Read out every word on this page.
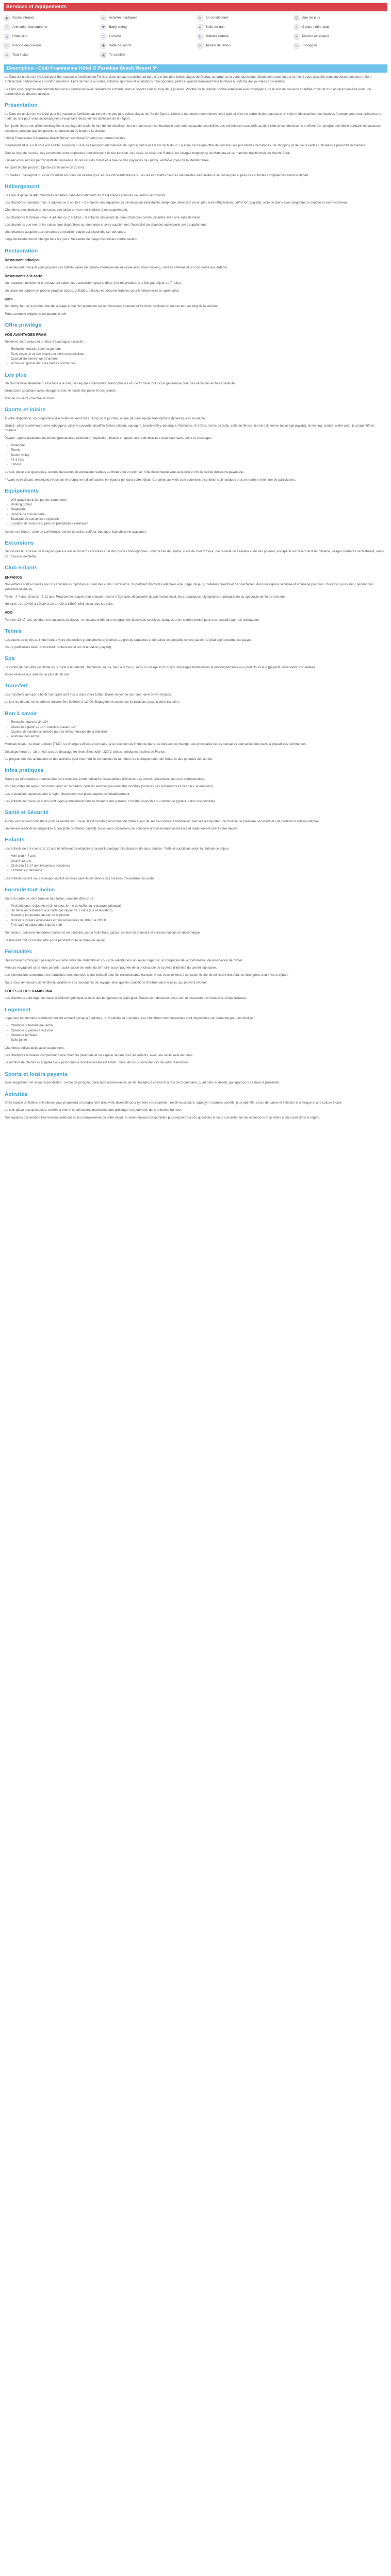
Services et équipements
◉	Accès internet	≈	Activités nautiques	❄	Air conditionné	☺	Aire de jeux
♪	Animation francophone	♥	Baby-sitting	★	Boite de nuit	☼	Centre / mini-club
⌂	Hôtel club	♫	Lit bébé	♿	Mobilité réduite	≋	Piscine extérieure
○	Piscine découverte	✚	Salle de sports	◎	Terrain de tennis	∿	Toboggan
∞	Tout inclus	▣	Tv satellite
Description - Club Framissima Hôtel O Paradise Beach Resort 5*

Le Club est un lieu de vie idéal pour des vacances familiales en Tunisie, dans un cadre paisible au bord d'une des plus belles plages de Djerba, au cœur de la zone touristique. Idéalement situé face à la mer, il vous accueille dans un décor lumineux mêlant architecture traditionnelle et confort moderne. Entre farniente au soleil, activités sportives et animations francophones, petits et grands trouveront leur bonheur au rythme des journées ensoleillées.

Le Club vous propose une formule tout inclus généreuse avec restaurants à thème, bars et snacks tout au long de la journée. Profitez de la grande piscine extérieure avec toboggans, de la piscine couverte chauffée l'hiver et d'un espace bien-être pour une parenthèse de détente absolue.

Présentation

Le Club est un lieu de vie idéal pour les vacances familiales au bord d'une des plus belles plages de l'île de Djerba. L'hôtel a été entièrement rénové avec goût et offre un cadre chaleureux dans un style méditerranéen. Les équipes francophones sont présentes du matin au soir pour vous accompagner et vous faire découvrir les richesses de la région.

Son jardin fleuri, ses allées ombragées et sa plage de sable fin font de cet établissement une adresse incontournable pour une escapade ensoleillée. Les enfants sont accueillis au mini-club et les adolescents profitent d'un programme dédié pendant les vacances scolaires, pendant que les parents se détendent au bord de la piscine.

L'hôtel Framissima O Paradise Beach Resort est classé 5* selon les normes locales.

Idéalement situé sur la côte est de l'île, à environ 25 km de l'aéroport international de Djerba-Zarzis et à 8 km de Midoun. La zone touristique offre de nombreuses possibilités de balades, de shopping et de découvertes culturelles à proximité immédiate.

Tout au long de l'année, des excursions sont proposées pour découvrir le sud tunisien, ses oasis, le désert du Sahara, les villages troglodytes de Matmata et les marchés traditionnels de Houmt Souk.

Laissez-vous séduire par l'hospitalité tunisienne, la douceur du climat et la beauté des paysages de Djerba, véritable joyau de la Méditerranée.

Aéroport le plus proche : Djerba-Zarzis (environ 25 km).

Formalités : passeport ou carte d'identité en cours de validité pour les ressortissants français. Les ressortissants d'autres nationalités sont invités à se renseigner auprès des autorités compétentes avant le départ.

Hébergement

Le Club dispose de 441 chambres réparties dans des bâtiments de 2 à 4 étages entourés de jardins verdoyants.

Les chambres standard (max. 3 adultes ou 2 adultes + 2 enfants) sont équipées de climatisation individuelle, téléphone, télévision écran plat, mini-réfrigérateur, coffre-fort (payant), salle de bains avec baignoire ou douche et sèche-cheveux.

Chambres avec balcon ou terrasse, vue jardin ou vue mer latérale (avec supplément).

Les chambres familiales (max. 4 adultes ou 2 adultes + 3 enfants) disposent de deux chambres communicantes avec une salle de bains.

Les chambres vue mer et les suites sont disponibles sur demande et avec supplément. Possibilité de chambre individuelle avec supplément.

Une chambre adaptée aux personnes à mobilité réduite est disponible sur demande.

Linge de toilette fourni, changé tous les jours. Serviettes de plage disponibles contre caution.

Restauration
Restaurant principal

Le restaurant principal vous propose ses buffets variés de cuisine internationale et locale avec show cooking, soirées à thème et un coin dédié aux enfants.

Restaurants à la carte

Un restaurant tunisien et un restaurant italien vous accueillent pour le dîner (sur réservation, une fois par séjour de 7 nuits).

Un snack en bordure de piscine propose pizzas, grillades, salades et boissons fraîches pour le déjeuner et en après-midi.

Bars

Bar lobby, bar de la piscine, bar de la plage et bar de l'animation servent boissons chaudes et fraîches, cocktails et en-cas tout au long de la journée.

Tenue correcte exigée au restaurant le soir.

Offre privilège
VOS AVANTAGES FRAM

Réservez votre séjour et profitez d'avantages exclusifs :

- Réduction enfants selon la période
- Early check-in et late check-out selon disponibilités
- Cocktail de bienvenue à l'arrivée
- Accès wifi gratuit dans les parties communes
Les plus

Un club familial idéalement situé face à la mer, des équipes d'animation francophones et une formule tout inclus généreuse pour des vacances en toute sérénité.

Grand parc aquatique avec toboggans pour le plaisir des petits et des grands.

Piscine couverte chauffée en hiver.

Sports et loisirs

À votre disposition, un programme d'activités variées tout au long de la journée, animé par une équipe francophone dynamique et souriante.

Gratuit : piscine extérieure avec toboggans, piscine couverte chauffée (selon saison), aquagym, beach-volley, pétanque, fléchettes, tir à l'arc, tennis de table, salle de fitness, terrains de tennis (éclairage payant), stretching, zumba, water-polo, jeux apéritifs et tournois.

Payant : sports nautiques motorisés (prestataires extérieurs), équitation, balade en quad, centre de bien-être avec hammam, soins et massages.

- Pétanque
- Tennis
- Beach-volley
- Tir à l'arc
- Fitness

Le soir, place aux spectacles, soirées dansantes et animations variées au théâtre ou en plein air. Une discothèque vous accueille en fin de soirée (boissons payantes).

* Avant votre départ, renseignez-vous sur le programme d'animations en vigueur pendant votre séjour. Certaines activités sont soumises à conditions climatiques et à un nombre minimum de participants.

Equipements
- Wifi gratuit dans les parties communes
- Parking gratuit
- Bagagerie
- Service de conciergerie
- Boutique de souvenirs et épicerie
- Location de voitures auprès de prestataires extérieurs

Au sein de l'hôtel : salle de conférence, centre de soins, coiffeur, boutique, blanchisserie (payante).

Excursions

Découvrez la richesse de la région grâce à nos excursions encadrées par des guides francophones : tour de l'île de Djerba, visite de Houmt Souk, découverte de Guellala et de ses poteries, escapade au désert de Ksar Ghilane, villages berbères de Matmata, oasis de Tozeur et de Nefta.

Club enfants
ENFANCE

Nos enfants sont accueillis par nos animateurs diplômés au sein des clubs Framissima. Ils profitent d'activités adaptées à leur âge, de jeux, d'ateliers créatifs et de spectacles, dans un espace sécurisé et aménagé pour eux. Ouverts 6 jours sur 7 pendant les vacances scolaires.

Petits : 4-7 ans, Grands : 8-12 ans. Programme adapté pour chaque tranche d'âge avec découverte du patrimoine local, jeux aquatiques, olympiades et préparation du spectacle de fin de semaine.

Horaires : de 10h00 à 12h30 et de 14h30 à 18h00. Mini-disco tous les soirs.

ADO

Pour les 13-17 ans, pendant les vacances scolaires : un espace dédié et un programme d'activités sportives, ludiques et de soirées pensé pour eux, encadré par nos animateurs.

Tennis

Les courts de tennis de l'hôtel sont à votre disposition gratuitement en journée. Le prêt de raquettes et de balles est possible contre caution. L'éclairage nocturne est payant.

Cours particuliers avec un moniteur professionnel sur réservation (payant).

Spa

Le centre de bien-être de l'hôtel vous invite à la détente : hammam, sauna, bain à remous, soins du visage et du corps, massages traditionnels et enveloppements aux produits locaux (payants, réservation conseillée).

Accès réservé aux adultes de plus de 16 ans.

Transfert

Les transferts aéroport / hôtel / aéroport sont inclus dans votre forfait. Durée moyenne du trajet : environ 40 minutes.

Le jour du départ, les chambres doivent être libérées à 12h00. Bagagerie et accès aux installations jusqu'à votre transfert.

Bon à savoir
- Réception ouverte 24h/24
- Check-in à partir de 14h, check-out avant 12h
- Caution demandée à l'arrivée pour la télécommande de la télévision
- Animaux non admis

Monnaie locale : le dinar tunisien (TND). Le change s'effectue sur place, à la réception de l'hôtel ou dans les bureaux de change. Les principales cartes bancaires sont acceptées dans la plupart des commerces.

Décalage horaire : -1h en été, pas de décalage en hiver. Électricité : 220 V, prises identiques à celles de France.

Le programme des animations et des activités peut être modifié en fonction de la météo, de la fréquentation de l'hôtel et des périodes de l'année.

Infos pratiques

Toutes les informations mentionnées sont données à titre indicatif et susceptibles d'évoluer. Les photos présentées sont non contractuelles.

Pour les dates de séjour coïncidant avec le Ramadan, certains services pourront être modifiés (horaires des restaurants et des bars, animations).

Les prestations payantes sont à régler directement sur place auprès de l'établissement.

Les enfants de moins de 2 ans sont logés gratuitement dans la chambre des parents. Lit bébé disponible sur demande (gratuit, selon disponibilité).

Santé et Sécurité

Aucun vaccin n'est obligatoire pour se rendre en Tunisie. Il est toutefois recommandé d'être à jour de ses vaccinations habituelles. Pensez à emporter une trousse de première nécessité et une protection solaire adaptée.

Un service médical est disponible à proximité de l'hôtel (payant). Nous vous conseillons de souscrire une assurance assistance et rapatriement avant votre départ.

Enfants

Les enfants de 2 à moins de 12 ans bénéficient de réductions lorsqu'ils partagent la chambre de deux adultes. Tarifs et conditions selon la période de séjour.

- Mini-club 4-7 ans
- Club 8-12 ans
- Club ado 13-17 ans (vacances scolaires)
- Lit bébé sur demande

Les enfants restent sous la responsabilité de leurs parents en dehors des horaires d'ouverture des clubs.

Formule tout inclus

Dans le cadre de votre formule tout inclus, vous bénéficiez de :

- Petit déjeuner, déjeuner et dîner sous forme de buffet au restaurant principal
- Un dîner au restaurant à la carte par séjour de 7 nuits (sur réservation)
- Snacking en journée au bar de la piscine
- Boissons locales alcoolisées et non alcoolisées de 10h00 à 23h00
- Thé, café et pâtisseries l'après-midi

Non inclus : boissons importées, boissons en bouteille, jus de fruits frais, glaces, service en chambre et consommations en discothèque.

Le bracelet tout inclus doit être porté pendant toute la durée du séjour.

Formalités

Ressortissants français : passeport ou carte nationale d'identité en cours de validité pour un séjour organisé, accompagné de la confirmation de réservation de l'hôtel.

Mineurs voyageant sans leurs parents : autorisation de sortie du territoire accompagnée de la photocopie de la pièce d'identité du parent signataire.

Les informations concernant les formalités sont données à titre indicatif pour les ressortissants français. Nous vous invitons à consulter le site du ministère des Affaires étrangères avant votre départ.

Nous vous remercions de vérifier la validité de vos documents de voyage, ainsi que les conditions d'entrée dans le pays, qui peuvent évoluer.

CODES CLUB FRAMISSIMA

Les chambres sont réparties dans le bâtiment principal et dans des bungalows de plain-pied. Toutes sont décorées avec soin et disposent d'un balcon ou d'une terrasse.

Logement

Logement en chambre standard pouvant accueillir jusqu'à 3 adultes, ou 2 adultes et 2 enfants. Les chambres communicantes sont disponibles sur demande pour les familles.

- Chambre standard vue jardin
- Chambre supérieure vue mer
- Chambre familiale
- Suite junior

Chambres individuelles avec supplément.

Les chambres familiales comprennent une chambre parentale et un espace séparé pour les enfants, avec une seule salle de bains.

Le nombre de chambres adaptées aux personnes à mobilité réduite est limité : merci de nous consulter lors de votre réservation.

Sports et loisirs payants

Avec supplément et selon disponibilités : centre de plongée, parachute ascensionnel, jet-ski, balades à cheval et à dos de dromadaire, quad dans le désert, golf (parcours 27 trous à proximité).

Activités

Votre équipe de fidèles animateurs vous proposera un programme d'activités diversifié pour rythmer vos journées : réveil musculaire, aquagym, tournois sportifs, jeux apéritifs, cours de danse et initiation à la langue et à la culture locale.

Le soir, place aux spectacles, soirées à thème et animations musicales pour prolonger vos journées dans la bonne humeur.

Nos équipes d'animation Framissima veilleront au bon déroulement de votre séjour et seront toujours disponibles pour répondre à vos questions et vous conseiller sur les excursions et activités à découvrir dans la région.
